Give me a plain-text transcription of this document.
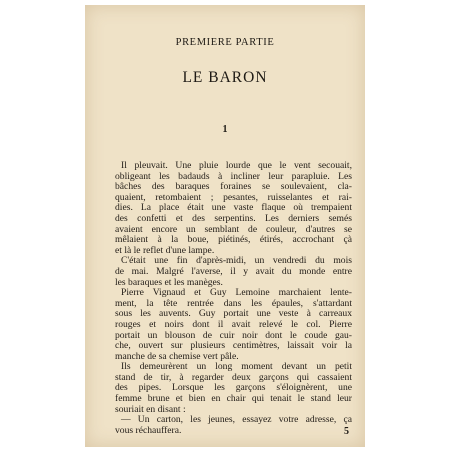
PREMIERE PARTIE
LE BARON
1
Il pleuvait. Une pluie lourde que le vent secouait,
obligeant les badauds à incliner leur parapluie. Les
bâches des baraques foraines se soulevaient, cla-
quaient, retombaient ; pesantes, ruisselantes et rai-
dies. La place était une vaste flaque où trempaient
des confetti et des serpentins. Les derniers semés
avaient encore un semblant de couleur, d'autres se
mêlaient à la boue, piétinés, étirés, accrochant çà
et là le reflet d'une lampe.
C'était une fin d'après-midi, un vendredi du mois
de mai. Malgré l'averse, il y avait du monde entre
les baraques et les manèges.
Pierre Vignaud et Guy Lemoine marchaient lente-
ment, la tête rentrée dans les épaules, s'attardant
sous les auvents. Guy portait une veste à carreaux
rouges et noirs dont il avait relevé le col. Pierre
portait un blouson de cuir noir dont le coude gau-
che, ouvert sur plusieurs centimètres, laissait voir la
manche de sa chemise vert pâle.
Ils demeurèrent un long moment devant un petit
stand de tir, à regarder deux garçons qui cassaient
des pipes. Lorsque les garçons s'éloignèrent, une
femme brune et bien en chair qui tenait le stand leur
souriait en disant :
— Un carton, les jeunes, essayez votre adresse, ça
vous réchauffera.	5
